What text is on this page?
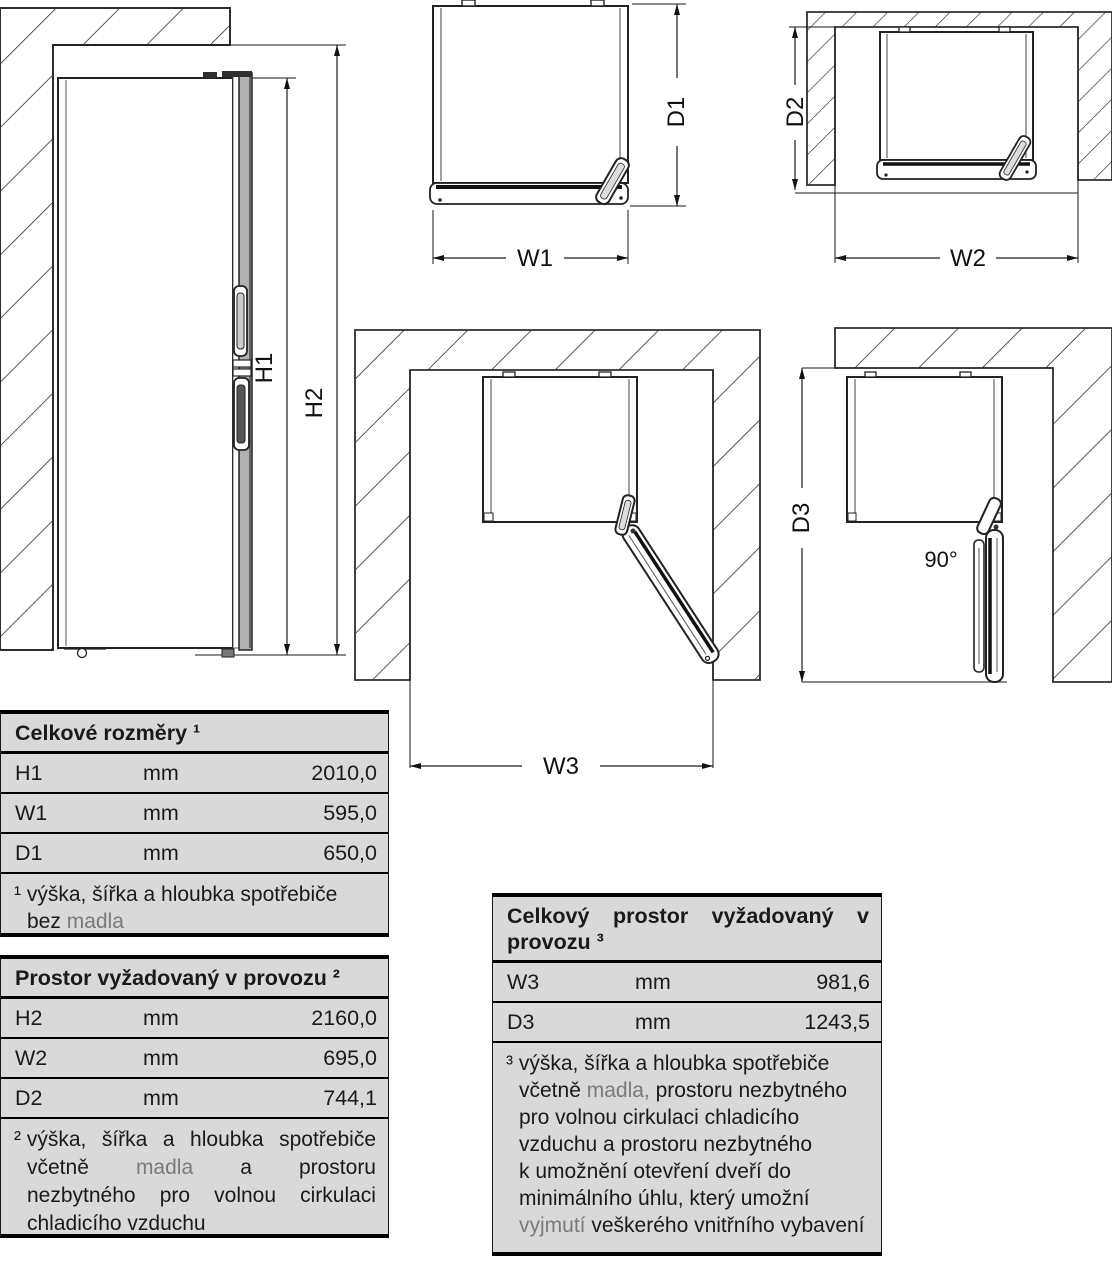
H1
H2
D1
W1
D2
W2
W3
D3
90°
Celkové rozměry ¹
H1	mm	2010,0
W1	mm	595,0
D1	mm	650,0
¹ výška, šířka a hloubka spotřebiče
bez madla
Prostor vyžadovaný v provozu ²
H2	mm	2160,0
W2	mm	695,0
D2	mm	744,1
² výška, šířka a hloubka spotřebiče
včetně madla a prostoru
nezbytného pro volnou cirkulaci
chladicího vzduchu
Celkový prostor vyžadovaný v
provozu ³
W3	mm	981,6
D3	mm	1243,5
³ výška, šířka a hloubka spotřebiče
včetně madla, prostoru nezbytného
pro volnou cirkulaci chladicího
vzduchu a prostoru nezbytného
k umožnění otevření dveří do
minimálního úhlu, který umožní
vyjmutí veškerého vnitřního vybavení
